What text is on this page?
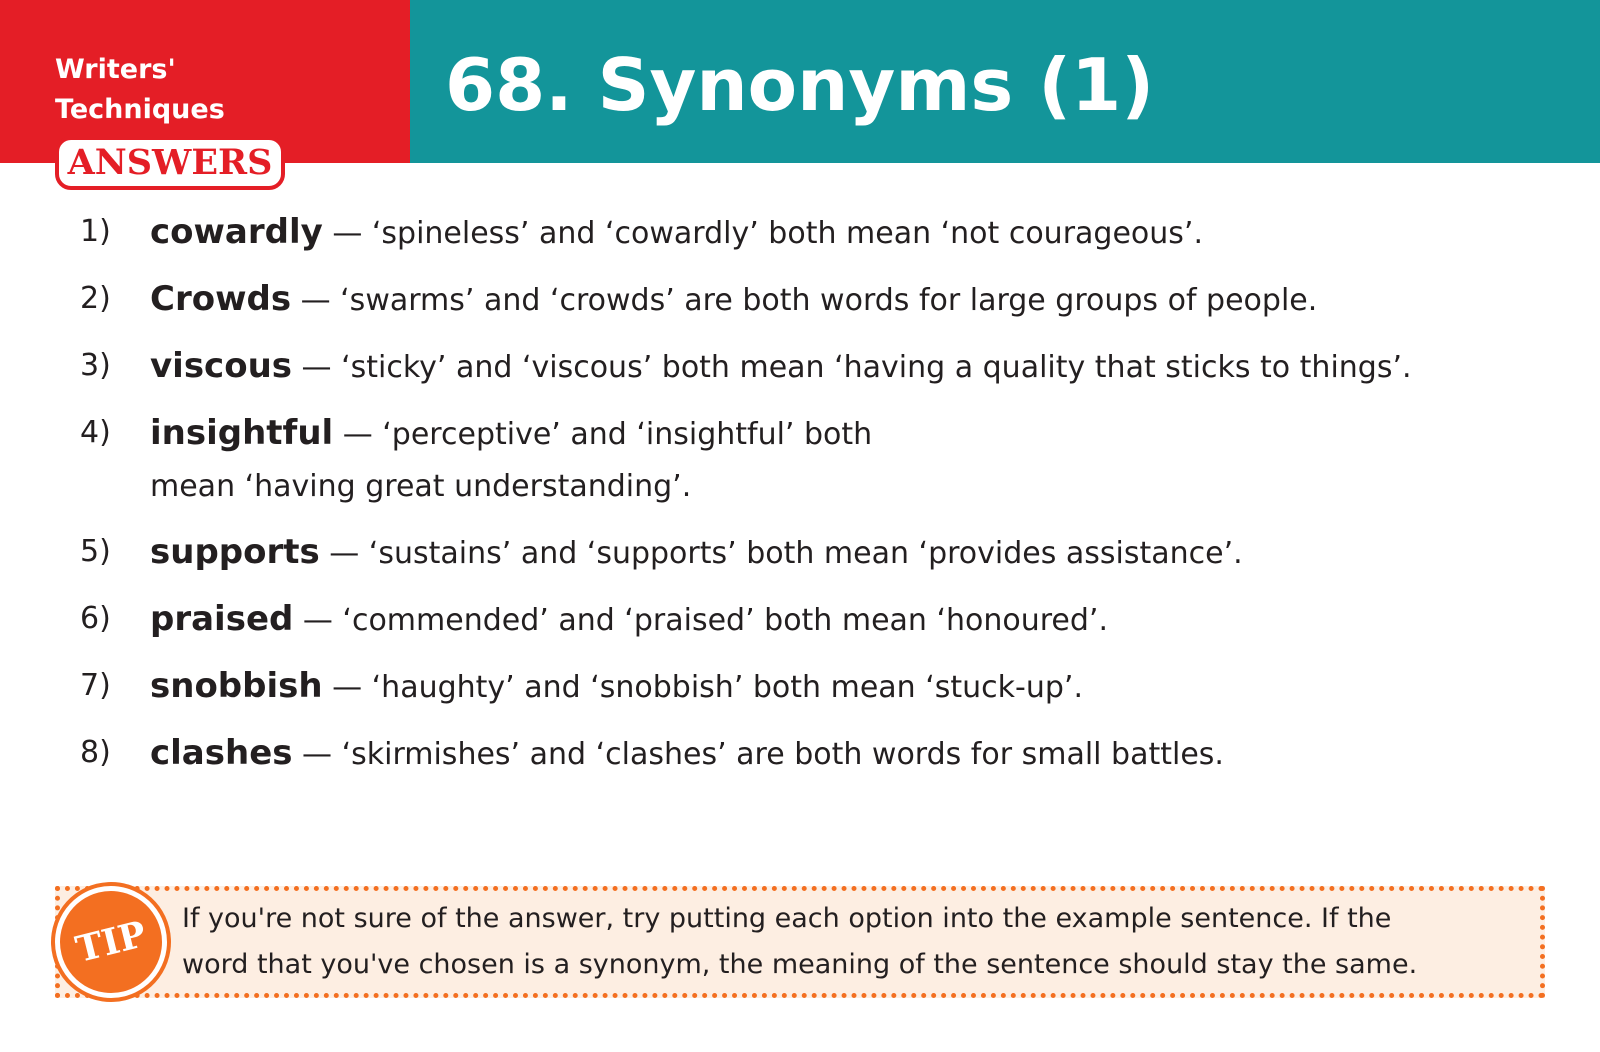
Writers'
Techniques
ANSWERS
68. Synonyms (1)
1) cowardly — ‘spineless’ and ‘cowardly’ both mean ‘not courageous’.
2) Crowds — ‘swarms’ and ‘crowds’ are both words for large groups of people.
3) viscous — ‘sticky’ and ‘viscous’ both mean ‘having a quality that sticks to things’.
4) insightful — ‘perceptive’ and ‘insightful’ both
mean ‘having great understanding’.
5) supports — ‘sustains’ and ‘supports’ both mean ‘provides assistance’.
6) praised — ‘commended’ and ‘praised’ both mean ‘honoured’.
7) snobbish — ‘haughty’ and ‘snobbish’ both mean ‘stuck-up’.
8) clashes — ‘skirmishes’ and ‘clashes’ are both words for small battles.
TIP	If you're not sure of the answer, try putting each option into the example sentence. If the
word that you've chosen is a synonym, the meaning of the sentence should stay the same.
